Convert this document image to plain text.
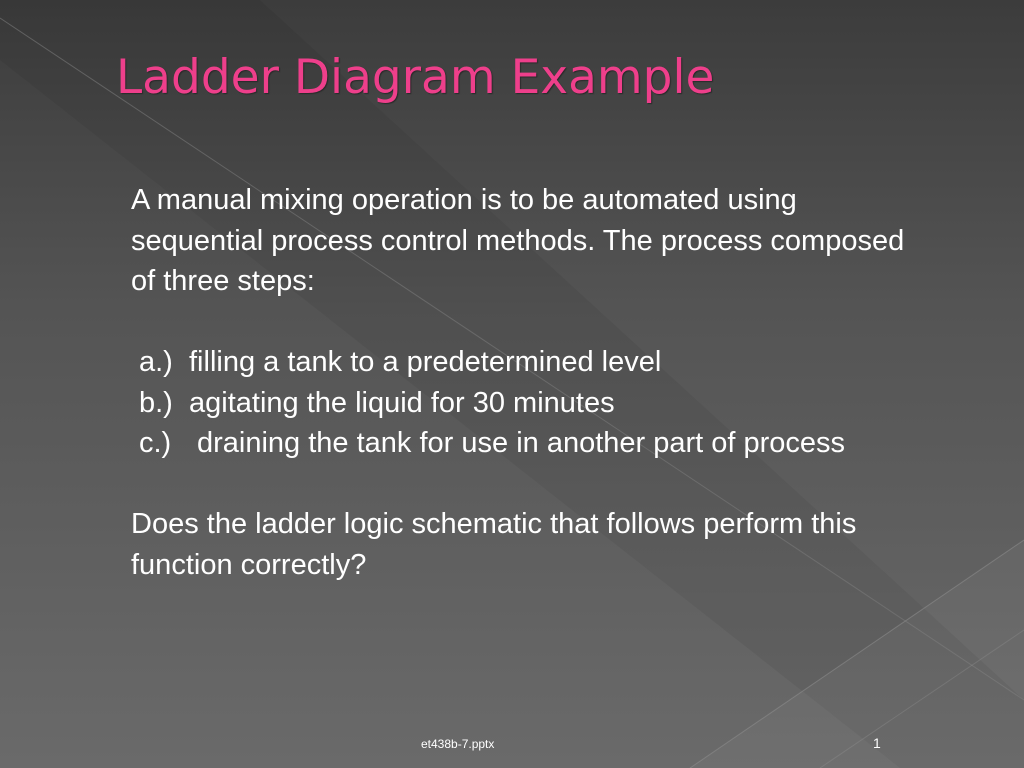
Ladder Diagram Example

A manual mixing operation is to be automated using sequential process control methods. The process composed of three steps:

a.) filling a tank to a predetermined level
b.) agitating the liquid for 30 minutes
c.) draining the tank for use in another part of process

Does the ladder logic schematic that follows perform this function correctly?

et438b-7.pptx	1
